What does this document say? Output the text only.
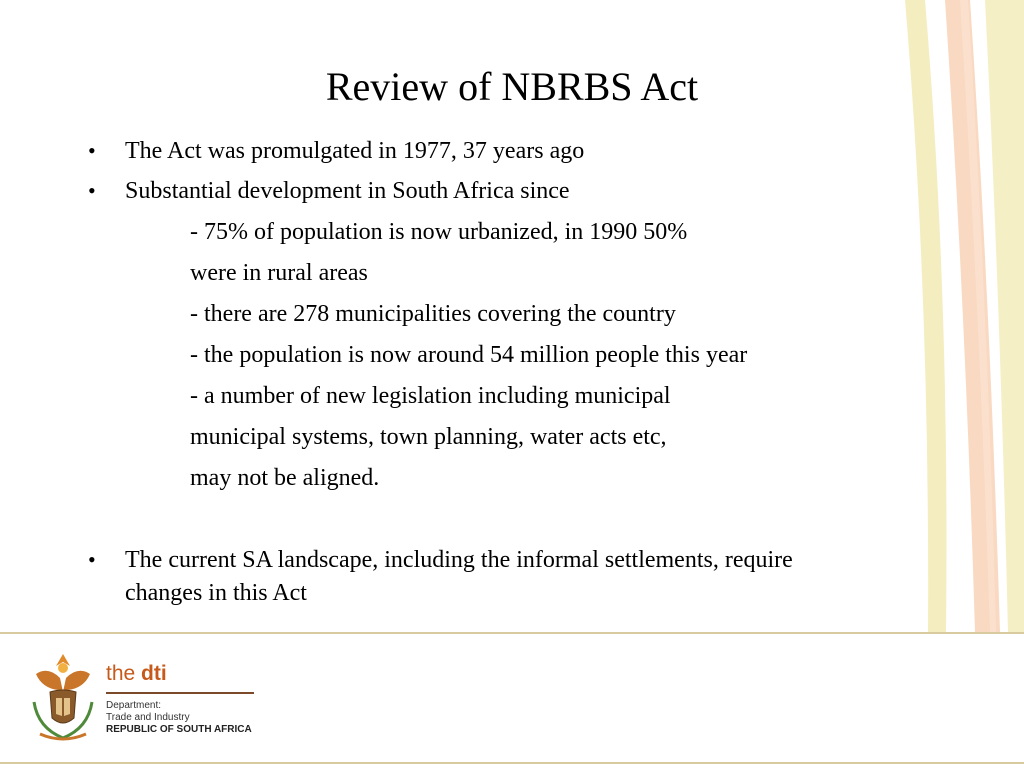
Review of NBRBS Act
• The Act was promulgated in 1977, 37 years ago
• Substantial development in South Africa since
- 75% of population is now urbanized, in 1990 50%
were in rural areas
- there are 278 municipalities covering the country
- the population is now around 54 million people this year
- a number of new legislation including municipal
municipal systems, town planning, water acts etc,
may not be aligned.
• The current SA landscape, including the informal settlements, require
changes in this Act
the dti
Department:
Trade and Industry
REPUBLIC OF SOUTH AFRICA
